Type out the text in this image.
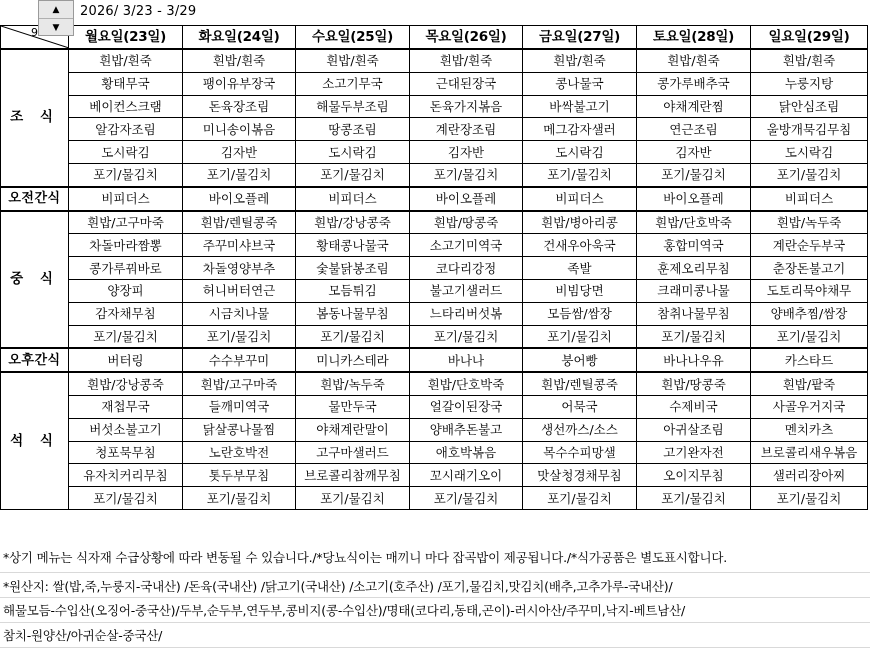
2026/ 3/23 - 3/29
▲
▼
9	월요일(23일)	화요일(24일)	수요일(25일)	목요일(26일)	금요일(27일)	토요일(28일)	일요일(29일)
조 식	흰밥/흰죽	흰밥/흰죽	흰밥/흰죽	흰밥/흰죽	흰밥/흰죽	흰밥/흰죽	흰밥/흰죽
	황태무국	팽이유부장국	소고기무국	근대된장국	콩나물국	콩가루배추국	누룽지탕
	베이컨스크램	돈육장조림	해물두부조림	돈육가지볶음	바싹불고기	야채계란찜	닭안심조림
	알감자조림	미니송이볶음	땅콩조림	계란장조림	메그감자샐러	연근조림	울방개묵김무침
	도시락김	김자반	도시락김	김자반	도시락김	김자반	도시락김
	포기/물김치	포기/물김치	포기/물김치	포기/물김치	포기/물김치	포기/물김치	포기/물김치
오전간식	비피더스	바이오플레	비피더스	바이오플레	비피더스	바이오플레	비피더스
중 식	흰밥/고구마죽	흰밥/렌틸콩죽	흰밥/강낭콩죽	흰밥/땅콩죽	흰밥/병아리콩	흰밥/단호박죽	흰밥/녹두죽
	차돌마라짬뽕	주꾸미샤브국	황태콩나물국	소고기미역국	건새우아욱국	홍합미역국	계란순두부국
	콩가루꿔바로	차돌영양부추	숯불닭봉조림	코다리강정	족발	훈제오리무침	춘장돈불고기
	양장피	허니버터연근	모듬튀김	불고기샐러드	비빔당면	크래미콩나물	도토리묵야채무
	감자채무침	시금치나물	봄동나물무침	느타리버섯볶	모듬쌈/쌈장	참취나물무침	양배추찜/쌈장
	포기/물김치	포기/물김치	포기/물김치	포기/물김치	포기/물김치	포기/물김치	포기/물김치
오후간식	버터링	수수부꾸미	미니카스테라	바나나	붕어빵	바나나우유	카스타드
석 식	흰밥/강낭콩죽	흰밥/고구마죽	흰밥/녹두죽	흰밥/단호박죽	흰밥/렌틸콩죽	흰밥/땅콩죽	흰밥/팥죽
	재첩무국	들깨미역국	물만두국	얼갈이된장국	어묵국	수제비국	사골우거지국
	버섯소불고기	닭살콩나물찜	야채계란말이	양배추돈불고	생선까스/소스	아귀살조림	멘치카츠
	청포묵무침	노란호박전	고구마샐러드	애호박볶음	목수수피망샐	고기완자전	브로콜리새우볶음
	유자치커리무침	톳두부무침	브로콜리참깨무침	꼬시래기오이	맛살청경채무침	오이지무침	샐러리장아찌
	포기/물김치	포기/물김치	포기/물김치	포기/물김치	포기/물김치	포기/물김치	포기/물김치
*상기 메뉴는 식자재 수급상황에 따라 변동될 수 있습니다./*당뇨식이는 매끼니 마다 잡곡밥이 제공됩니다./*식가공품은 별도표시합니다.
*원산지: 쌀(밥,죽,누룽지-국내산) /돈육(국내산) /닭고기(국내산) /소고기(호주산) /포기,물김치,맛김치(배추,고추가루-국내산)/
해물모듬-수입산(오징어-중국산)/두부,순두부,연두부,콩비지(콩-수입산)/명태(코다리,동태,곤이)-러시아산/주꾸미,낙지-베트남산/
참치-원양산/아귀순살-중국산/
